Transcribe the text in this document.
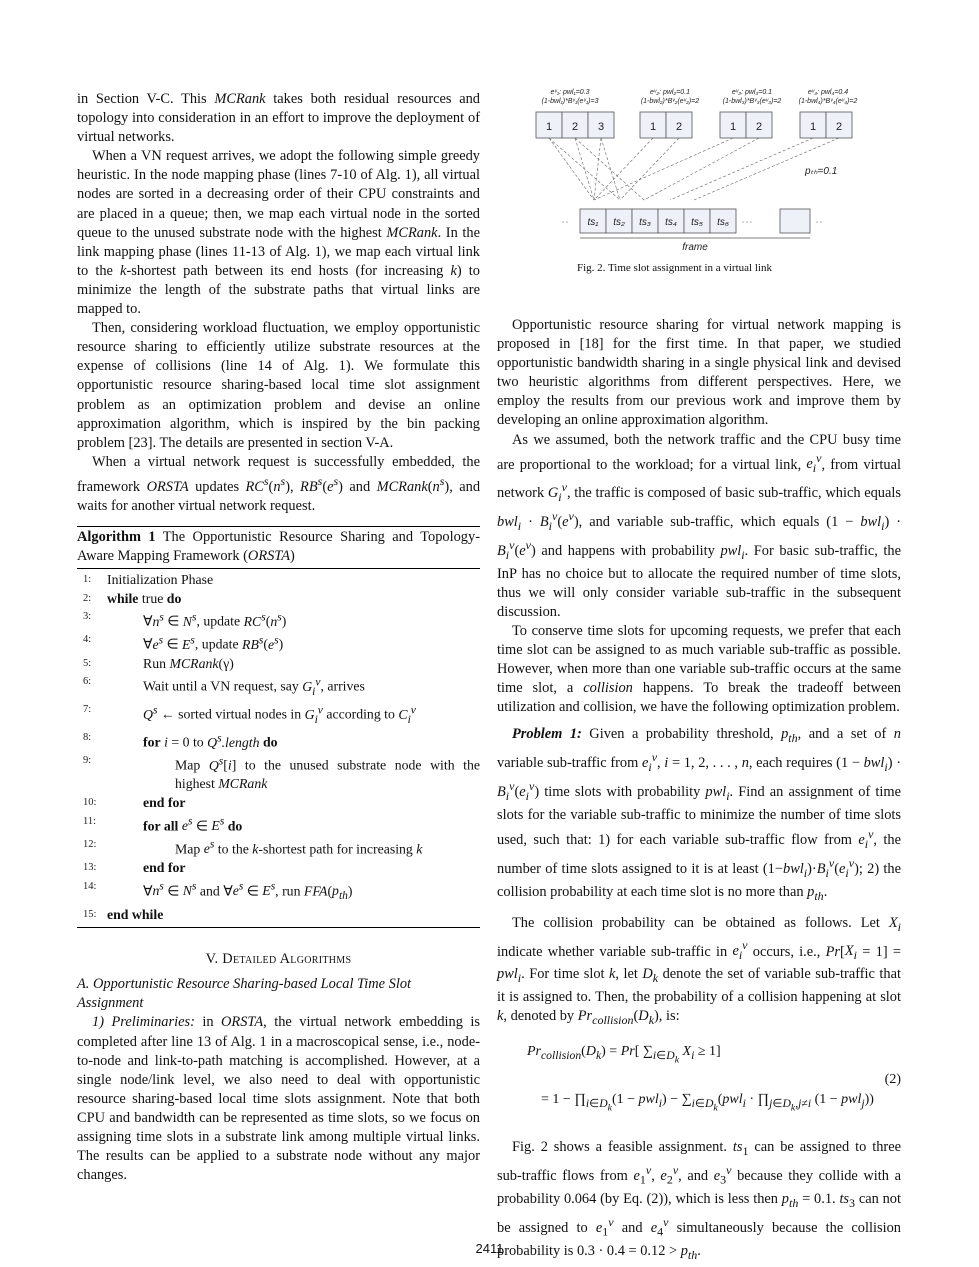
in Section V-C. This MCRank takes both residual resources and topology into consideration in an effort to improve the deployment of virtual networks.

When a VN request arrives, we adopt the following simple greedy heuristic. In the node mapping phase (lines 7-10 of Alg. 1), all virtual nodes are sorted in a decreasing order of their CPU constraints and are placed in a queue; then, we map each virtual node in the sorted queue to the unused substrate node with the highest MCRank. In the link mapping phase (lines 11-13 of Alg. 1), we map each virtual link to the k-shortest path between its end hosts (for increasing k) to minimize the length of the substrate paths that virtual links are mapped to.

Then, considering workload fluctuation, we employ opportunistic resource sharing to efficiently utilize substrate resources at the expense of collisions (line 14 of Alg. 1). We formulate this opportunistic resource sharing-based local time slot assignment problem as an optimization problem and devise an online approximation algorithm, which is inspired by the bin packing problem [23]. The details are presented in section V-A.

When a virtual network request is successfully embedded, the framework ORSTA updates $RC^s(n^s)$, $RB^s(e^s)$ and $MCRank(n^s)$, and waits for another virtual network request.

Algorithm 1 The Opportunistic Resource Sharing and Topology-Aware Mapping Framework (ORSTA)
1:	Initialization Phase
2:	while true do
3:	$\forall n^s$ ∈ $N^s$, update $RC^s(n^s)$
4:	$\forall e^s$ ∈ $E^s$, update $RB^s(e^s)$
5:	Run MCRank(γ)
6:	Wait until a VN request, say $G_i^v$, arrives
7:	$Q^s$ ← sorted virtual nodes in $G_i^v$ according to $C_i^v$
8:	for i = 0 to $Q^s.length$ do
9:	Map $Q^s[i]$ to the unused substrate node with the highest MCRank
10:	end for
11:	for all $e^s$ ∈ $E^s$ do
12:	Map $e^s$ to the k-shortest path for increasing k
13:	end for
14:	$\forall n^s$ ∈ $N^s$ and $\forall e^s$ ∈ $E^s$, run $FFA(p_{th})$
15: end while

V. Detailed Algorithms

A. Opportunistic Resource Sharing-based Local Time Slot Assignment

1) Preliminaries: in ORSTA, the virtual network embedding is completed after line 13 of Alg. 1 in a macroscopical sense, i.e., node-to-node and link-to-path matching is accomplished. However, at a single node/link level, we also need to deal with opportunistic resource sharing-based local time slots assignment. Note that both CPU and bandwidth can be represented as time slots, so we focus on assigning time slots in a substrate link among multiple virtual links. The results can be applied to a substrate node without any major changes.

eᵛ₁: pwl₁=0.3
(1-bwl₁)*Bᵛ₁(eᵛ₁)=3
eᵛ₂: pwl₂=0.1
(1-bwl₂)*Bᵛ₂(eᵛ₂)=2
eᵛ₃: pwl₃=0.1
(1-bwl₃)*Bᵛ₃(eᵛ₃)=2
eᵛ₄: pwl₄=0.4
(1-bwl₄)*Bᵛ₄(eᵛ₄)=2
1 2 3	1 2	1 2	1 2
pₜₕ=0.1
ts₁ ts₂ ts₃ ts₄ ts₅ ts₆
▫ ▫	▫ ▫ ▫	▫ ▫
frame
Fig. 2. Time slot assignment in a virtual link

Opportunistic resource sharing for virtual network mapping is proposed in [18] for the first time. In that paper, we studied opportunistic bandwidth sharing in a single physical link and devised two heuristic algorithms from different perspectives. Here, we employ the results from our previous work and improve them by developing an online approximation algorithm.

As we assumed, both the network traffic and the CPU busy time are proportional to the workload; for a virtual link, $e_i^v$, from virtual network $G_i^v$, the traffic is composed of basic sub-traffic, which equals $bwl_i \cdot B_i^v(e^v)$, and variable sub-traffic, which equals $(1 - bwl_i) \cdot B_i^v(e^v)$ and happens with probability pwl$_i$. For basic sub-traffic, the InP has no choice but to allocate the required number of time slots, thus we will only consider variable sub-traffic in the subsequent discussion.

To conserve time slots for upcoming requests, we prefer that each time slot can be assigned to as much variable sub-traffic as possible. However, when more than one variable sub-traffic occurs at the same time slot, a collision happens. To break the tradeoff between utilization and collision, we have the following optimization problem.

Problem 1: Given a probability threshold, $p_{th}$, and a set of n variable sub-traffic from $e_i^v$, i = 1, 2, . . . , n, each requires $(1 - bwl_i) \cdot B_i^v(e_i^v)$ time slots with probability pwl$_i$. Find an assignment of time slots for the variable sub-traffic to minimize the number of time slots used, such that: 1) for each variable sub-traffic flow from $e_i^v$, the number of time slots assigned to it is at least $(1-bwl_i)\cdot B_i^v(e_i^v)$; 2) the collision probability at each time slot is no more than $p_{th}$.

The collision probability can be obtained as follows. Let $X_i$ indicate whether variable sub-traffic in $e_i^v$ occurs, i.e., $Pr[X_i = 1] = pwl_i$. For time slot k, let $D_k$ denote the set of variable sub-traffic that it is assigned to. Then, the probability of a collision happening at slot k, denoted by $Pr_{collision}(D_k)$, is:

$Pr_{collision}(D_k) = Pr$[ $\sum_{i\in D_k}$ $X_i \ge 1$]
= $1 - \prod_{i\in D_k}(1 - pwl_i) - \sum_{i\in D_k}(pwl_i$ · $\prod_{j\in D_k,j\ne i}$ (1 − pwl$_j$))
(2)

Fig. 2 shows a feasible assignment. $ts_1$ can be assigned to three sub-traffic flows from $e_1^v$, $e_2^v$, and $e_3^v$ because they collide with a probability 0.064 (by Eq. (2)), which is less then $p_{th} = 0.1$. $ts_3$ can not be assigned to $e_1^v$ and $e_4^v$ simultaneously because the collision probability is $0.3 \cdot 0.4 = 0.12 > p_{th}$.

2411
